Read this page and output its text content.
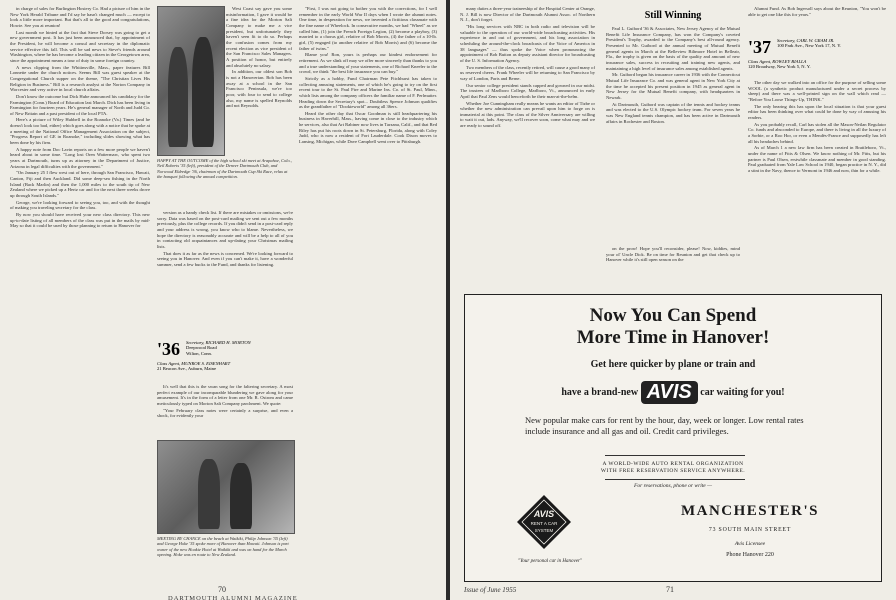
in charge of sales for Burlington Hosiery Co. Had a picture of him in the New York Herald Tribune and I'd say he hasn't changed much — except to look a little more important. But that's all to the good and congratulations, Howie. See you at reunion!

Last month we hinted at the fact that Steve Dorsey was going to get a new government post. It has just been announced that, by appointment of the President, he will become a consul and secretary in the diplomatic service effective this fall. This will be sad news to Steve's friends around Washington, where he has become a leading citizen in the Georgetown area, since the appointment means a tour of duty in some foreign country.

A news clipping from the Whitinsville, Mass., paper features Bill Lonnette under the church notices. Seems Bill was guest speaker at the Congregational Church supper on the theme, "The Christian Lives His Religion in Business." Bill is a research analyst at the Norton Company in Worcester and very active in local church affairs.

Don't know the outcome but Dick Hube announced his candidacy for the Farmington (Conn.) Board of Education last March. Dick has been living in Farmington for fourteen years. He's general manager of North and Judd Co. of New Britain and a past president of the local PTA.

Here's a picture of Wiley Hubbell in the Roanoke (Va.) Times (and he doesn't look too bad, either) which goes along with a notice that he spoke at a meeting of the National Office Management Association on the subject, "Progress Report of GE in Roanoke," including slides showing what has been done by his firm.

A happy note from Doc Lavin reports on a few more people we haven't heard about in some time. "Long lost Oren Wattermarc, who spent two years at Dartmouth, turns up as attorney in the Department of Justice, Arizona in legal difficulties with the government."

"On January 25 I flew west out of here, through San Francisco, Hawaii, Canton, Fiji and then Auckland. Did some deep-sea fishing in the North Island (Back Marlin) and then the 1,000 miles to the south tip of New Zealand where we picked up a Hertz car and for the next three weeks drove up through South Islands."

George, we're looking forward to seeing you, too, and with the thought of making you traveling secretary for the class.

By now you should have received your new class directory. This new up-to-date listing of all members of the class was put in the mails by mid-May so that it could be used by those planning to return to Hanover for

West Coast say gave you some misinformation, I gave it would be a fine idea for the Morton Salt Company to make me a vice president, but unfortunately they haven't seen fit to do so. Perhaps the confusion comes from my recent election as vice president of the San Francisco Sales Managers. A position of honor, but entirely and absolutely no salary.

In addition, our oldest son Bob is not a Hanoverian. Bob has been away at a school in the San Francisco Peninsula, we're too poor, with four to send to college also, my name is spelled Reynolds and not Reynolds.

HAPPY AT THE OUTCOME of the high school ski meet at Arapahoe, Colo., Neil Roberts '35 (left), president of the Denver Dartmouth Club, and Norwood Eldredge '36, chairman of the Dartmouth Cup Ski Race, relax at the banquet following the annual competition.

version as a handy check list. If there are mistakes or omissions, we're sorry. Data was based on the post-card mailing we sent out a few months previously, plus the college records. If you didn't send in a post-card reply and your address is wrong, you know who to blame. Nevertheless, we hope the directory is reasonably accurate and will be a help to all of you in contacting old acquaintances and up-dating your Christmas mailing lists.

That does it as far as the news is concerned. We're looking forward to seeing you in Hanover. And even if you can't make it, have a wonderful summer, send a few bucks to the Fund, and thanks for listening.

'36 Secretary, RICHARD H. MORTON
Deepwood Road
Wilton, Conn.
Class Agent, MUNROE S. EISENHART
21 Beacon Ave., Auburn, Maine

It's well that this is the swan song for the faltering secretary. A most perfect example of our incomparable blundering we gave along for your amusement. It's in the form of a letter from one Mr. R. Ostrom and came meticulously typed on Morton Salt Company parchment. We quote:

"Your February class notes were certainly a surprise, and even a shock, for evidently your

MEETING BY CHANCE on the beach at Waikiki, Philip Johnson '35 (left) and George Hoke '35 spoke more of Hanover than Hawaii. Johnson is part owner of the new Hoakie Hotel at Waikiki and was on hand for the March opening. Hoke was en route to New Zealand.

"First, I was not going to bother you with the corrections, for I well remember in the early World War II days when I wrote the alumni notes. One time, in desperation for news, we invented a fictitious classmate with the fine name of Wheelock. In consecutive months, we had "Wheel" as we called him, (1) join the French Foreign Legion, (2) become a playboy, (3) married to a chorus girl, relative of Bob Morris, (4) the father of a 10-lb. girl, (5) engaged (to another relative of Bob Morris) and (6) become the father of twins."

Blame you! Ron, yours is perhaps our kindest endorsement for retirement. As we slink off may we offer more sincerely than thanks to you and a true understanding of your statements, one of Richard Kneeler to the crowd, we think "the best life insurance you can buy."

Strictly as a hobby, Fund Chairman Pete Fitchhurst has taken to collecting amusing statements, one of which he's going to try on the first recent tour to the St. Paul Fire and Marine Ins. Co. of St. Paul, Minn., which lists among the company officers the familiar name of F. Perlmutter. Heading down the Secretary's spot... Doubtless Spence Johnson qualifies as the grandfather of "Dookieworld" among all 36ers.

Heard the other day that Oscar Goodman is still headquartering his business in Haverhill, Mass., having come in close to the industry which he services, also that Art Rabiner now lives in Tarzana, Calif., and that Red Riley has put his roots down in St. Petersburg, Florida, along with Coley Judd, who is now a resident of Fort Lauderdale. Cook Dixon moves to Lansing, Michigan, while Dave Campbell went over to Pittsburgh.

70
DARTMOUTH ALUMNI MAGAZINE

many duties a three-year traineeship of the Hospital Center at Orange, N. J. Bill is now Director of the Dartmouth Alumni Assoc. of Northern N. J., don't forget.

"His long services with NBC in both radio and television will be valuable to the operation of our world-wide broadcasting activities. His experience in and out of government, and his long association in scheduling the around-the-clock broadcasts of the Voice of America in 38 languages" — thus spoke the Voice when pronouncing the appointment of Bob Button as deputy assistant director for broadcasting of the U. S. Information Agency.

Two members of the class, recently retired, will cause a good many of us reserved cheers. Frank Wheeler will be returning to San Francisco by way of London, Paris and Berne.

Our senior college president stands capped and gowned in our midst. The trustees of Marlboro College, Marlboro, Vt., announced in early April that Paul Zens would henceforth be their man-at-the-helm.

Whether Joe Cunningham really means he wants an editor of Tizbe or whether the new administration can prevail upon him to forge on is immaterial at this point. The class of the Silver Anniversary are willing to wait it out, lads. Anyway, we'll recover soon, come what may and we are ready to sound off.

Still Winning

Paul L. Guibord '36 & Associates, New Jersey Agency of the Mutual Benefit Life Insurance Company, has won the Company's coveted President's Trophy, awarded to the Company's best all-round agency. Presented to Mr. Guibord at the annual meeting of Mutual Benefit general agents in March at the Belleview Biltmore Hotel in Belleair, Fla., the trophy is given on the basis of the quality and amount of new insurance sales, success in recruiting and training new agents, and maintaining a high level of insurance sales among established agents.

Mr. Guibord began his insurance career in 1936 with the Connecticut Mutual Life Insurance Co. and was general agent in New York City at the time he accepted his present position in 1945 as general agent in New Jersey for the Mutual Benefit company, with headquarters in Newark.

At Dartmouth, Guibord was captain of the tennis and hockey teams and was elected to the U.S. Olympic hockey team. For seven years he was New England tennis champion, and has been active in Dartmouth affairs in Rochester and Boston.

on the prow! Hope you'll reconsider, please! Now, kiddies, mind your ol' Uncle Dick. Be on time for Reunion and get that check up to Hanover while it's still open season on the

Alumni Fund. As Bob Ingersoll says about the Reunion, "You won't be able to get one like this for years."

'37 Secretary, CARL W. GRAM JR.
100 Park Ave., New York 17, N. Y.
Class Agent, ROWLEY BIALLA
120 Broadway, New York 5, N. Y.

The other day we walked into an office for the purpose of selling some WOOL (a synthetic product manufactured under a secret process by sheep) and there was a well-printed sign on the wall which read — "Before You Loose Things-Up, THINK."

The only bearing this has upon the local situation is that your guest editor has been thinking over what could be done by way of amusing his readers.

As you probably recall, Carl has stolen all the Mason-Neilan Regulator Co. funds and absconded to Europe, and there is living in all the luxury of a Sorbie, or a Roo Hor, or even a Mendès-France and supposedly has left all his headaches behind.

As of March 1 a new law firm has been created in Brattleboro, Vt., under the name of Fitts & Olsen. We know nothing of Mr. Fitts, but his partner is Paul Olsen, erstwhile classmate and member in good standing. Paul graduated from Yale Law School in 1940, began practice in N. Y., did a stint in the Navy, thence to Vermont in 1946 and now, thin for a while.

Now You Can Spend
More Time in Hanover!
Get here quicker by plane or train and
have a brand-new AVIS car waiting for you!
New popular make cars for rent by the hour, day, week or longer. Low rental rates include insurance and all gas and oil. Credit card privileges.
A WORLD-WIDE AUTO RENTAL ORGANIZATION
WITH FREE RESERVATION SERVICE ANYWHERE.
For reservations, phone or write —
AVIS
RENT A CAR
SYSTEM
"Your personal car in Hanover"
MANCHESTER'S
73 SOUTH MAIN STREET
Avis Licensee
Phone Hanover 220
Issue of June 1955	71
